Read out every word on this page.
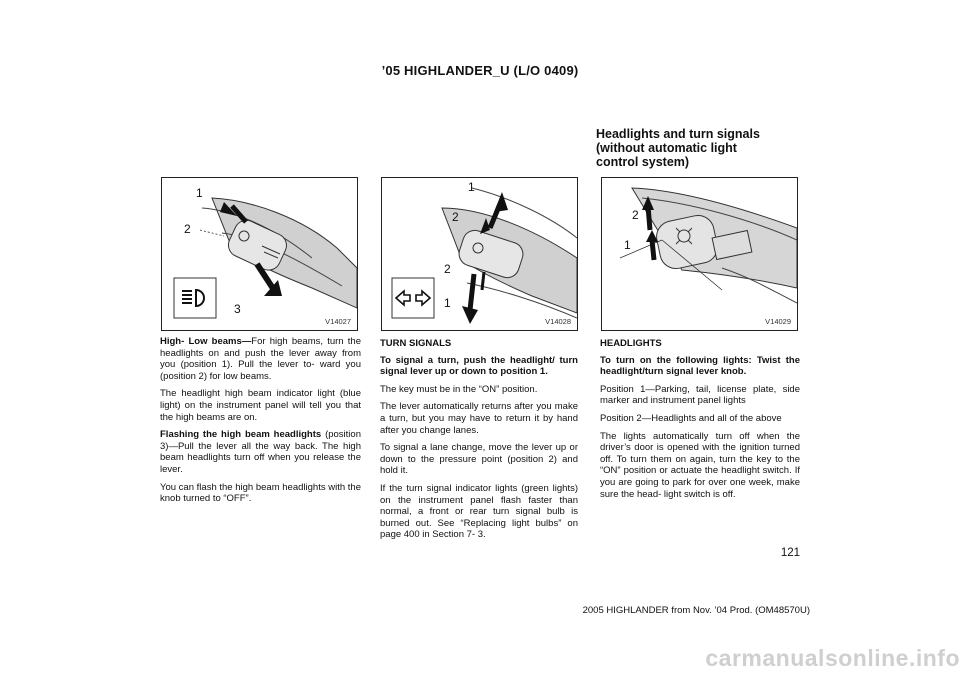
’05 HIGHLANDER_U (L/O 0409)
Headlights and turn signals
(without automatic light
control system)
1
2
3
V14027
1
2
2
1
V14028
2
1
V14029

High- Low beams—For high beams, turn the headlights on and push the lever away from you (position 1). Pull the lever to- ward you (position 2) for low beams.

The headlight high beam indicator light (blue light) on the instrument panel will tell you that the high beams are on.

Flashing the high beam headlights (position 3)—Pull the lever all the way back. The high beam headlights turn off when you release the lever.

You can flash the high beam headlights with the knob turned to “OFF”.

TURN SIGNALS

To signal a turn, push the headlight/ turn signal lever up or down to position 1.

The key must be in the “ON” position.

The lever automatically returns after you make a turn, but you may have to return it by hand after you change lanes.

To signal a lane change, move the lever up or down to the pressure point (position 2) and hold it.

If the turn signal indicator lights (green lights) on the instrument panel flash faster than normal, a front or rear turn signal bulb is burned out. See “Replacing light bulbs” on page 400 in Section 7- 3.

HEADLIGHTS

To turn on the following lights: Twist the headlight/turn signal lever knob.

Position 1—Parking, tail, license plate, side marker and instrument panel lights

Position 2—Headlights and all of the above

The lights automatically turn off when the driver’s door is opened with the ignition turned off. To turn them on again, turn the key to the “ON” position or actuate the headlight switch. If you are going to park for over one week, make sure the head- light switch is off.

121
2005 HIGHLANDER from Nov. ’04 Prod. (OM48570U)
carmanualsonline.info
